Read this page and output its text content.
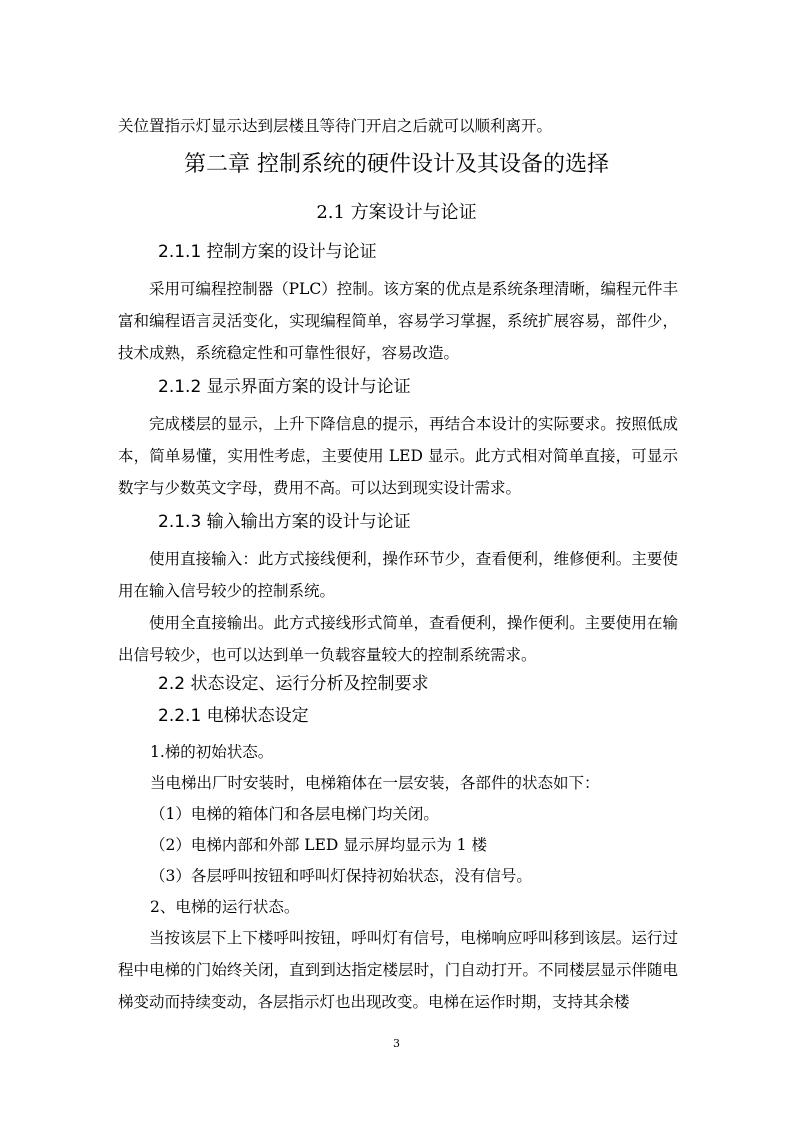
关位置指示灯显示达到层楼且等待门开启之后就可以顺利离开。
第二章 控制系统的硬件设计及其设备的选择
2.1 方案设计与论证
2.1.1 控制方案的设计与论证
采用可编程控制器（PLC）控制。该方案的优点是系统条理清晰，编程元件丰富和编程语言灵活变化，实现编程简单，容易学习掌握，系统扩展容易，部件少，技术成熟，系统稳定性和可靠性很好，容易改造。
2.1.2 显示界面方案的设计与论证
完成楼层的显示，上升下降信息的提示，再结合本设计的实际要求。按照低成本，简单易懂，实用性考虑，主要使用 LED 显示。此方式相对简单直接，可显示数字与少数英文字母，费用不高。可以达到现实设计需求。
2.1.3 输入输出方案的设计与论证
使用直接输入：此方式接线便利，操作环节少，查看便利，维修便利。主要使用在输入信号较少的控制系统。
使用全直接输出。此方式接线形式简单，查看便利，操作便利。主要使用在输出信号较少，也可以达到单一负载容量较大的控制系统需求。
2.2 状态设定、运行分析及控制要求
2.2.1 电梯状态设定
1.梯的初始状态。
当电梯出厂时安装时，电梯箱体在一层安装，各部件的状态如下：
（1）电梯的箱体门和各层电梯门均关闭。
（2）电梯内部和外部 LED 显示屏均显示为 1 楼
（3）各层呼叫按钮和呼叫灯保持初始状态，没有信号。
2、电梯的运行状态。
当按该层下上下楼呼叫按钮，呼叫灯有信号，电梯响应呼叫移到该层。运行过程中电梯的门始终关闭，直到到达指定楼层时，门自动打开。不同楼层显示伴随电梯变动而持续变动，各层指示灯也出现改变。电梯在运作时期，支持其余楼
3
